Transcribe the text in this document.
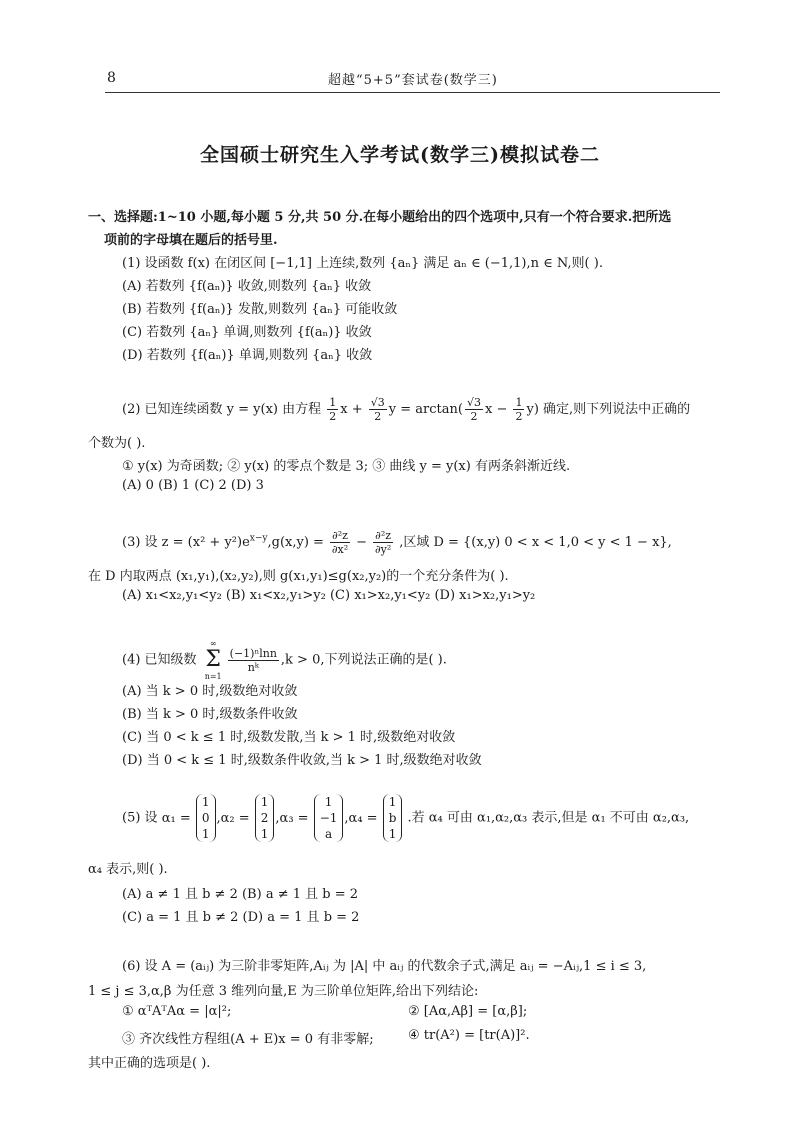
8	超越“5+5”套试卷(数学三)
全国硕士研究生入学考试(数学三)模拟试卷二
一、选择题:1~10 小题,每小题 5 分,共 50 分.在每小题给出的四个选项中,只有一个符合要求.把所选
项前的字母填在题后的括号里.
(1) 设函数 f(x) 在闭区间 [−1,1] 上连续,数列 {aₙ} 满足 aₙ ∈ (−1,1),n ∈ N,则( ).
(A) 若数列 {f(aₙ)} 收敛,则数列 {aₙ} 收敛
(B) 若数列 {f(aₙ)} 发散,则数列 {aₙ} 可能收敛
(C) 若数列 {aₙ} 单调,则数列 {f(aₙ)} 收敛
(D) 若数列 {f(aₙ)} 单调,则数列 {aₙ} 收敛
(2) 已知连续函数 y = y(x) 由方程 $\frac{1}{2}$ $x + \frac{√3}{2}$ $y = \arctan( \frac{√3}{2}$ $x - \frac{1}{2} y$) 确定,则下列说法中正确的
个数为( ).
① y(x) 为奇函数; ② y(x) 的零点个数是 3; ③ 曲线 y = y(x) 有两条斜渐近线.
(A) 0 (B) 1 (C) 2 (D) 3
(3) 设 $z = (x^2 + y^2)e^{x-y},g(x,y) = \frac{\text{∂²z}}{\text{∂x²}} - \frac{\text{∂²z}}{\text{∂y²}}$ ,区域 D = {(x,y) 0 < x < 1,0 < y < 1 − x},
在 D 内取两点 (x₁,y₁),(x₂,y₂),则 g(x₁,y₁)≤g(x₂,y₂)的一个充分条件为( ).
(A) x₁<x₂,y₁<y₂ (B) x₁<x₂,y₁>y₂ (C) x₁>x₂,y₁<y₂ (D) x₁>x₂,y₁>y₂
(4) 已知级数
∞
Σ
n=1
$\frac{\text{(−1)ⁿlnn}}{\text{nᵏ}} ,k > 0$,下列说法正确的是( ).
(A) 当 k > 0 时,级数绝对收敛
(B) 当 k > 0 时,级数条件收敛
(C) 当 0 < k ≤ 1 时,级数发散,当 k > 1 时,级数绝对收敛
(D) 当 0 < k ≤ 1 时,级数条件收敛,当 k > 1 时,级数绝对收敛
(5) 设 α₁ =
1
0
1
,α₂ =
1
2
1
,α₃ =
1
−1
a
,α₄ =
1
b
1
.若 α₄ 可由 α₁,α₂,α₃ 表示,但是 α₁ 不可由 α₂,α₃,
α₄ 表示,则( ).
(A) a ≠ 1 且 b ≠ 2 (B) a ≠ 1 且 b = 2
(C) a = 1 且 b ≠ 2 (D) a = 1 且 b = 2
(6) 设 A = (aᵢⱼ) 为三阶非零矩阵,Aᵢⱼ 为 |A| 中 aᵢⱼ 的代数余子式,满足 aᵢⱼ = −Aᵢⱼ,1 ≤ i ≤ 3,
1 ≤ j ≤ 3,α,β 为任意 3 维列向量,E 为三阶单位矩阵,给出下列结论:
① αᵀAᵀAα = |α|²;	② [Aα,Aβ] = [α,β];
③ 齐次线性方程组(A + E)x = 0 有非零解;	④ tr(A²) = [tr(A)]².
其中正确的选项是( ).
